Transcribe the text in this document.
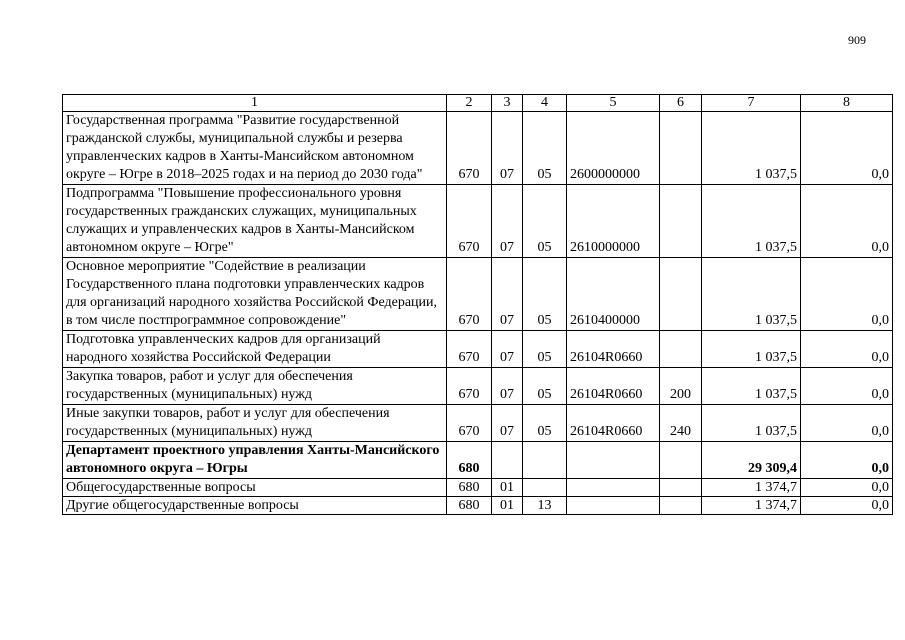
909
1	2	3	4	5	6	7	8
Государственная программа "Развитие государственной гражданской службы, муниципальной службы и резерва управленческих кадров в Ханты-Мансийском автономном округе – Югре в 2018–2025 годах и на период до 2030 года"	670	07	05	2600000000		1 037,5	0,0
Подпрограмма "Повышение профессионального уровня государственных гражданских служащих, муниципальных служащих и управленческих кадров в Ханты-Мансийском автономном округе – Югре"	670	07	05	2610000000		1 037,5	0,0
Основное мероприятие "Содействие в реализации Государственного плана подготовки управленческих кадров для организаций народного хозяйства Российской Федерации, в том числе постпрограммное сопровождение"	670	07	05	2610400000		1 037,5	0,0
Подготовка управленческих кадров для организаций народного хозяйства Российской Федерации	670	07	05	26104R0660		1 037,5	0,0
Закупка товаров, работ и услуг для обеспечения государственных (муниципальных) нужд	670	07	05	26104R0660	200	1 037,5	0,0
Иные закупки товаров, работ и услуг для обеспечения государственных (муниципальных) нужд	670	07	05	26104R0660	240	1 037,5	0,0
Департамент проектного управления Ханты-Мансийского автономного округа – Югры	680					29 309,4	0,0
Общегосударственные вопросы	680	01				1 374,7	0,0
Другие общегосударственные вопросы	680	01	13			1 374,7	0,0
